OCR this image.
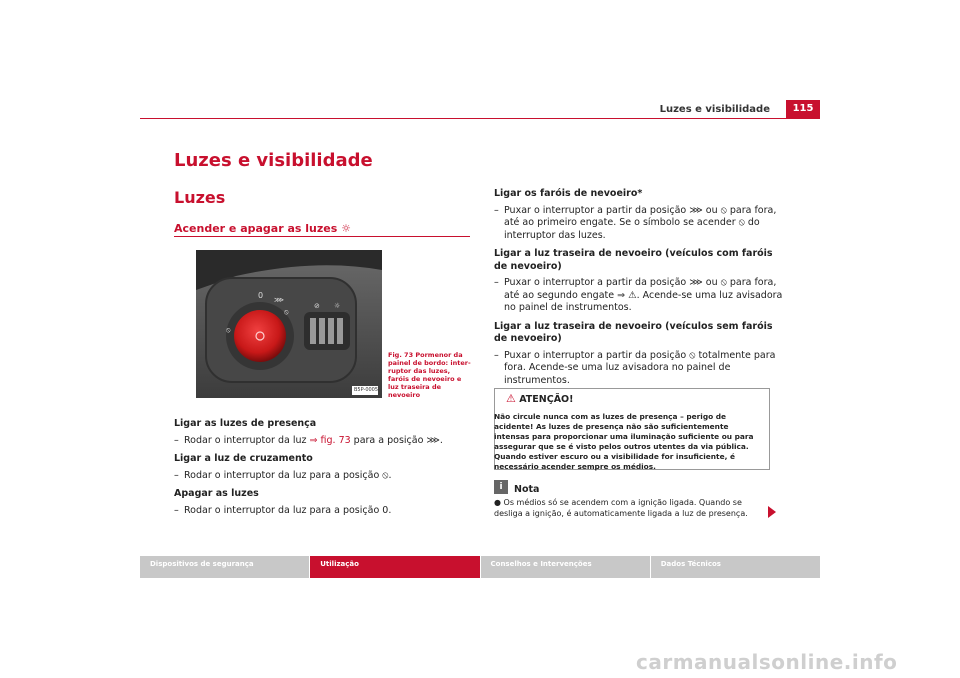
Luzes e visibilidade	115
Luzes e visibilidade
Luzes
Acender e apagar as luzes ☼
0 ⋙
⦸
⦸
⊘ ☼
B5P-0005
Fig. 73 Pormenor da painel de bordo: inter-ruptor das luzes, faróis de nevoeiro e luz traseira de nevoeiro
Ligar as luzes de presença
– Rodar o interruptor da luz ⇒ fig. 73 para a posição ⋙.
Ligar a luz de cruzamento
– Rodar o interruptor da luz para a posição ⦸.
Apagar as luzes
– Rodar o interruptor da luz para a posição 0.
Ligar os faróis de nevoeiro*
– Puxar o interruptor a partir da posição ⋙ ou ⦸ para fora, até ao primeiro engate. Se o símbolo se acender ⦸ do interruptor das luzes.
Ligar a luz traseira de nevoeiro (veículos com faróis de nevoeiro)
– Puxar o interruptor a partir da posição ⋙ ou ⦸ para fora, até ao segundo engate ⇒ ⚠. Acende-se uma luz avisadora no painel de instrumentos.
Ligar a luz traseira de nevoeiro (veículos sem faróis de nevoeiro)
– Puxar o interruptor a partir da posição ⦸ totalmente para fora. Acende-se uma luz avisadora no painel de instrumentos.
⚠ ATENÇÃO!
Não circule nunca com as luzes de presença – perigo de acidente! As luzes de presença não são suficientemente intensas para proporcionar uma iluminação suficiente ou para assegurar que se é visto pelos outros utentes da via pública. Quando estiver escuro ou a visibilidade for insuficiente, é necessário acender sempre os médios.
i	Nota
● Os médios só se acendem com a ignição ligada. Quando se desliga a ignição, é automaticamente ligada a luz de presença.
Dispositivos de segurança	Utilização	Conselhos e Intervenções	Dados Técnicos
carmanualsonline.info
